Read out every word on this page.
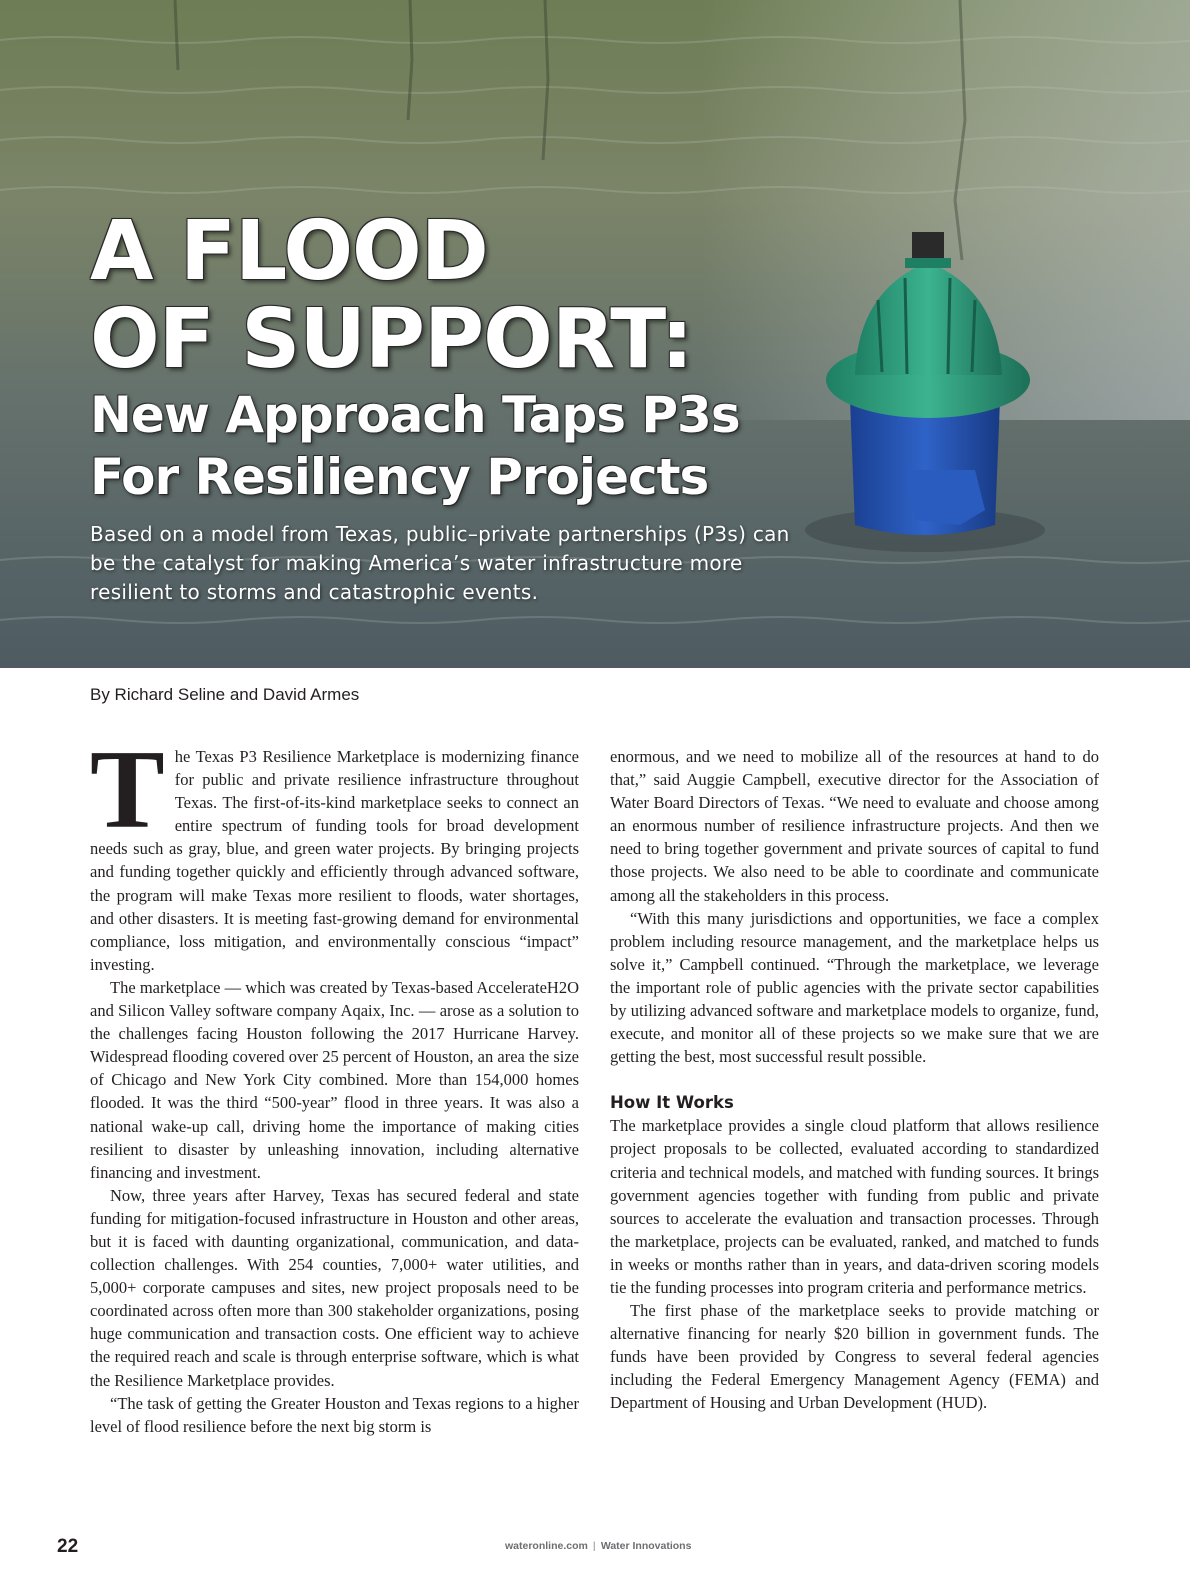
A FLOOD
OF SUPPORT:
New Approach Taps P3s
For Resiliency Projects
Based on a model from Texas, public–private partnerships (P3s) can be the catalyst for making America’s water infrastructure more resilient to storms and catastrophic events.
By Richard Seline and David Armes

The Texas P3 Resilience Marketplace is modernizing finance for public and private resilience infrastructure throughout Texas. The first-of-its-kind marketplace seeks to connect an entire spectrum of funding tools for broad development needs such as gray, blue, and green water projects. By bringing projects and funding together quickly and efficiently through advanced software, the program will make Texas more resilient to floods, water shortages, and other disasters. It is meeting fast-growing demand for environmental compliance, loss mitigation, and environmentally conscious “impact” investing.

The marketplace — which was created by Texas-based AccelerateH2O and Silicon Valley software company Aqaix, Inc. — arose as a solution to the challenges facing Houston following the 2017 Hurricane Harvey. Widespread flooding covered over 25 percent of Houston, an area the size of Chicago and New York City combined. More than 154,000 homes flooded. It was the third “500-year” flood in three years. It was also a national wake-up call, driving home the importance of making cities resilient to disaster by unleashing innovation, including alternative financing and investment.

Now, three years after Harvey, Texas has secured federal and state funding for mitigation-focused infrastructure in Houston and other areas, but it is faced with daunting organizational, communication, and data-collection challenges. With 254 counties, 7,000+ water utilities, and 5,000+ corporate campuses and sites, new project proposals need to be coordinated across often more than 300 stakeholder organizations, posing huge communication and transaction costs. One efficient way to achieve the required reach and scale is through enterprise software, which is what the Resilience Marketplace provides.

“The task of getting the Greater Houston and Texas regions to a higher level of flood resilience before the next big storm is

enormous, and we need to mobilize all of the resources at hand to do that,” said Auggie Campbell, executive director for the Association of Water Board Directors of Texas. “We need to evaluate and choose among an enormous number of resilience infrastructure projects. And then we need to bring together government and private sources of capital to fund those projects. We also need to be able to coordinate and communicate among all the stakeholders in this process.

“With this many jurisdictions and opportunities, we face a complex problem including resource management, and the marketplace helps us solve it,” Campbell continued. “Through the marketplace, we leverage the important role of public agencies with the private sector capabilities by utilizing advanced software and marketplace models to organize, fund, execute, and monitor all of these projects so we make sure that we are getting the best, most successful result possible.

How It Works

The marketplace provides a single cloud platform that allows resilience project proposals to be collected, evaluated according to standardized criteria and technical models, and matched with funding sources. It brings government agencies together with funding from public and private sources to accelerate the evaluation and transaction processes. Through the marketplace, projects can be evaluated, ranked, and matched to funds in weeks or months rather than in years, and data-driven scoring models tie the funding processes into program criteria and performance metrics.

The first phase of the marketplace seeks to provide matching or alternative financing for nearly $20 billion in government funds. The funds have been provided by Congress to several federal agencies including the Federal Emergency Management Agency (FEMA) and Department of Housing and Urban Development (HUD).

22	wateronline.com | Water Innovations
